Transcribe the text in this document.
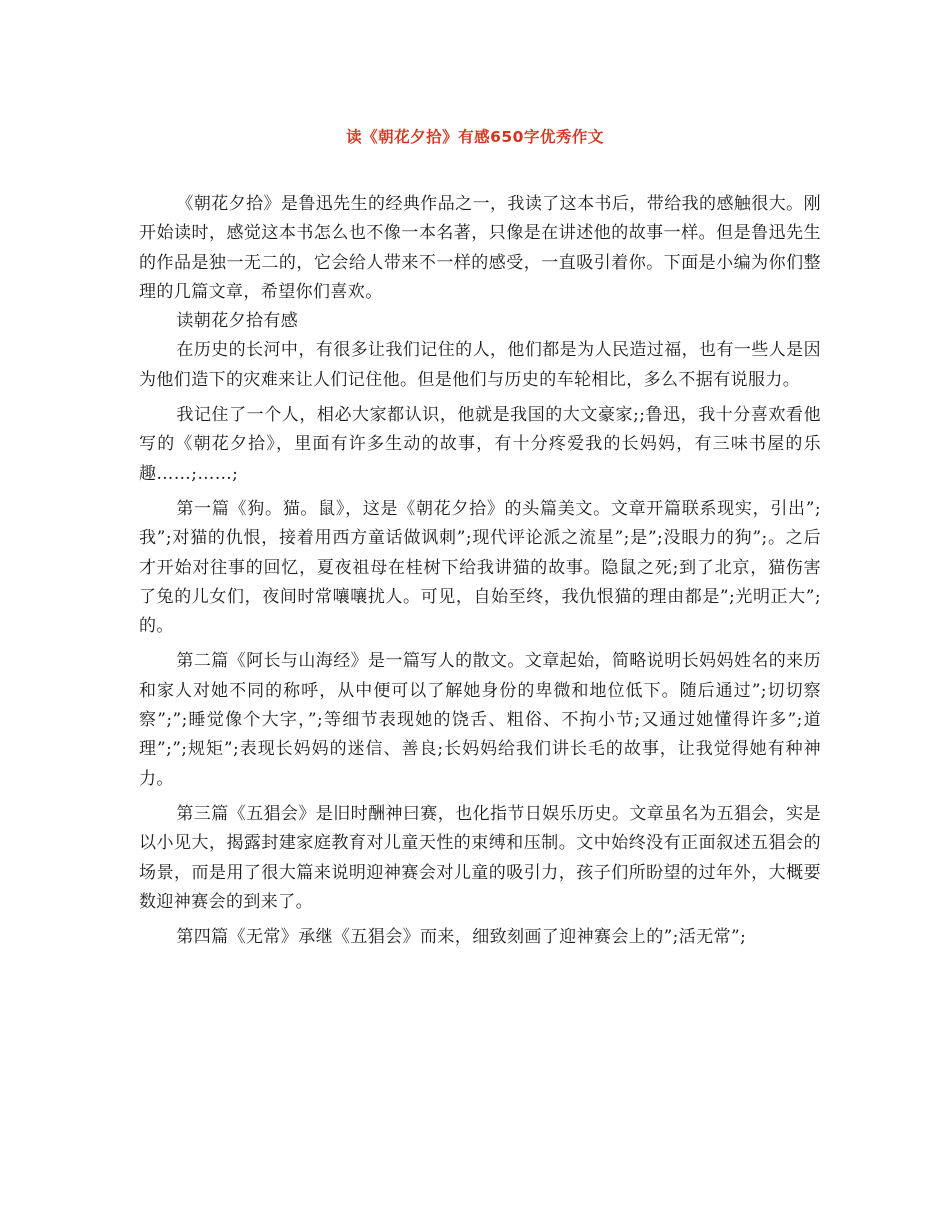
读《朝花夕拾》有感650字优秀作文

《朝花夕拾》是鲁迅先生的经典作品之一，我读了这本书后，带给我的感触很大。刚开始读时，感觉这本书怎么也不像一本名著，只像是在讲述他的故事一样。但是鲁迅先生的作品是独一无二的，它会给人带来不一样的感受，一直吸引着你。下面是小编为你们整理的几篇文章，希望你们喜欢。

读朝花夕拾有感

在历史的长河中，有很多让我们记住的人，他们都是为人民造过福，也有一些人是因为他们造下的灾难来让人们记住他。但是他们与历史的车轮相比，多么不据有说服力。

我记住了一个人，相必大家都认识，他就是我国的大文豪家;;鲁迅，我十分喜欢看他写的《朝花夕拾》，里面有许多生动的故事，有十分疼爱我的长妈妈，有三味书屋的乐趣……;……;

第一篇《狗。猫。鼠》，这是《朝花夕拾》的头篇美文。文章开篇联系现实，引出”;我”;对猫的仇恨，接着用西方童话做讽刺”;现代评论派之流星”;是”;没眼力的狗”;。之后才开始对往事的回忆，夏夜祖母在桂树下给我讲猫的故事。隐鼠之死;到了北京，猫伤害了兔的儿女们，夜间时常嚷嚷扰人。可见，自始至终，我仇恨猫的理由都是”;光明正大”;的。

第二篇《阿长与山海经》是一篇写人的散文。文章起始，简略说明长妈妈姓名的来历和家人对她不同的称呼，从中便可以了解她身份的卑微和地位低下。随后通过”;切切察察”;”;睡觉像个大字，”;等细节表现她的饶舌、粗俗、不拘小节;又通过她懂得许多”;道理”;”;规矩”;表现长妈妈的迷信、善良;长妈妈给我们讲长毛的故事，让我觉得她有种神力。

第三篇《五猖会》是旧时酬神曰赛，也化指节日娱乐历史。文章虽名为五猖会，实是以小见大，揭露封建家庭教育对儿童天性的束缚和压制。文中始终没有正面叙述五猖会的场景，而是用了很大篇来说明迎神赛会对儿童的吸引力，孩子们所盼望的过年外，大概要数迎神赛会的到来了。

第四篇《无常》承继《五猖会》而来，细致刻画了迎神赛会上的”;活无常”;
